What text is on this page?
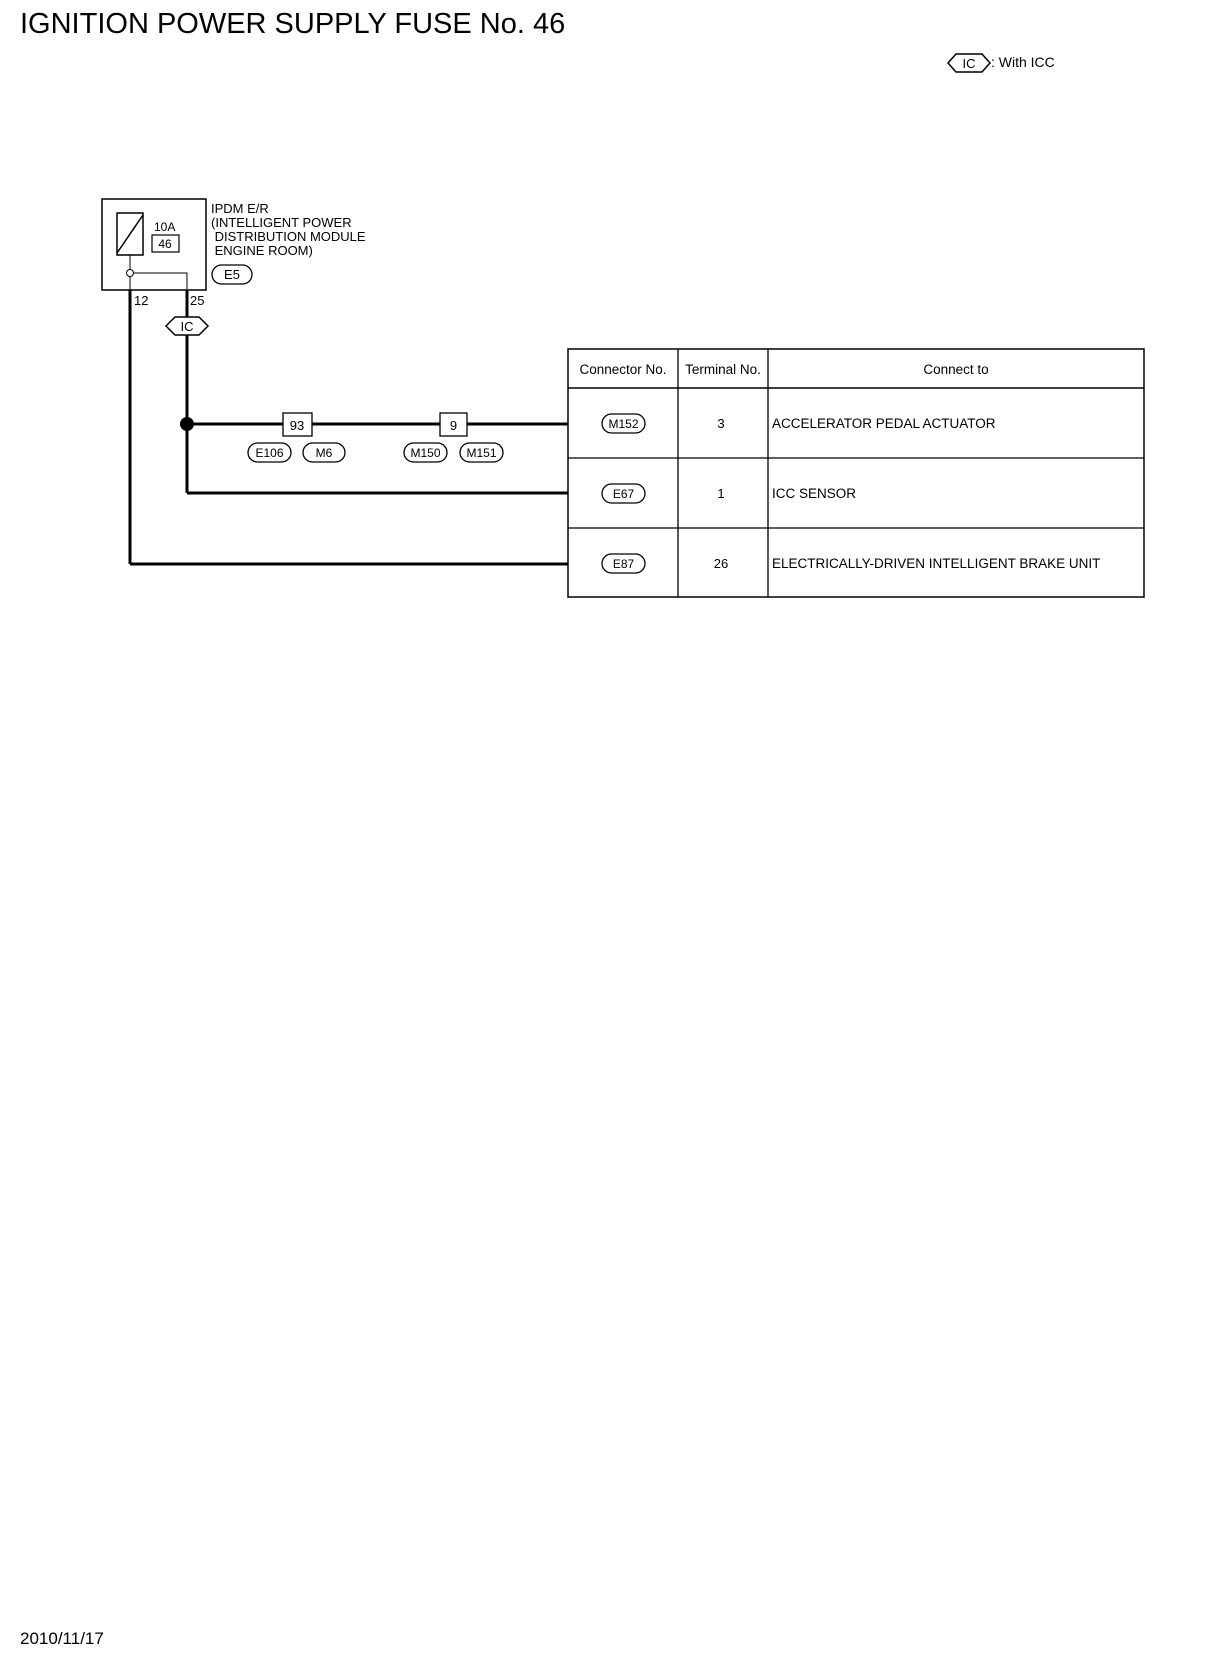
IGNITION POWER SUPPLY FUSE No. 46
IC : With ICC
10A
46
12	25
IPDM E/R
(INTELLIGENT POWER
DISTRIBUTION MODULE
ENGINE ROOM)
E5
IC
93
E106	M6
9
M150 M151
Connector No. Terminal No.	Connect to
M152	3	ACCELERATOR PEDAL ACTUATOR
E67	1	ICC SENSOR
E87	26	ELECTRICALLY-DRIVEN INTELLIGENT BRAKE UNIT
2010/11/17
